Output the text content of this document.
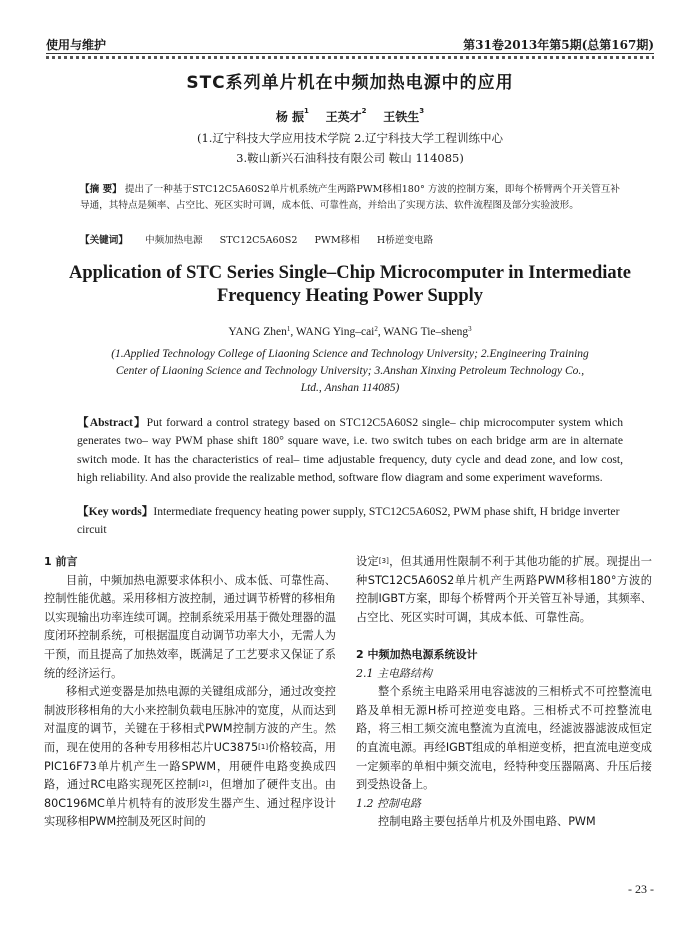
使用与维护	第31卷2013年第5期(总第167期)
STC系列单片机在中频加热电源中的应用
杨 振$^1$ 王英才$^2$ 王铁生$^3$
(1.辽宁科技大学应用技术学院 2.辽宁科技大学工程训练中心
3.鞍山新兴石油科技有限公司 鞍山 114085)
【摘 要】 提出了一种基于STC12C5A60S2单片机系统产生两路PWM移相180° 方波的控制方案，即每个桥臂两个开关管互补导通，其特点是频率、占空比、死区实时可调，成本低、可靠性高，并给出了实现方法、软件流程图及部分实验波形。
【关键词】 中频加热电源 STC12C5A60S2 PWM移相 H桥逆变电路
Application of STC Series Single–Chip Microcomputer in Intermediate
Frequency Heating Power Supply
YANG Zhen$^1$, WANG Ying–cai$^2$, WANG Tie–sheng$^3$
(1.Applied Technology College of Liaoning Science and Technology University; 2.Engineering Training
Center of Liaoning Science and Technology University; 3.Anshan Xinxing Petroleum Technology Co.,
Ltd., Anshan 114085)
【Abstract】Put forward a control strategy based on STC12C5A60S2 single– chip microcomputer system which generates two– way PWM phase shift 180° square wave, i.e. two switch tubes on each bridge arm are in alternate switch mode. It has the characteristics of real– time adjustable frequency, duty cycle and dead zone, and low cost, high reliability. And also provide the realizable method, software flow diagram and some experiment waveforms.
【Key words】Intermediate frequency heating power supply, STC12C5A60S2, PWM phase shift, H bridge inverter circuit
1 前言

目前，中频加热电源要求体积小、成本低、可靠性高、控制性能优越。采用移相方波控制，通过调节桥臂的移相角以实现输出功率连续可调。控制系统采用基于微处理器的温度闭环控制系统，可根据温度自动调节功率大小，无需人为干预，而且提高了加热效率，既满足了工艺要求又保证了系统的经济运行。

移相式逆变器是加热电源的关键组成部分，通过改变控制波形移相角的大小来控制负载电压脉冲的宽度，从而达到对温度的调节，关键在于移相式PWM控制方波的产生。然而，现在使用的各种专用移相芯片UC3875[1]价格较高，用PIC16F73单片机产生一路SPWM，用硬件电路变换成四路，通过RC电路实现死区控制[2]，但增加了硬件支出。由80C196MC单片机特有的波形发生器产生、通过程序设计实现移相PWM控制及死区时间的

设定[3]，但其通用性限制不利于其他功能的扩展。现提出一种STC12C5A60S2单片机产生两路PWM移相180°方波的控制IGBT方案，即每个桥臂两个开关管互补导通，其频率、占空比、死区实时可调，其成本低、可靠性高。

2 中频加热电源系统设计
2.1 主电路结构

整个系统主电路采用电容滤波的三相桥式不可控整流电路及单相无源H桥可控逆变电路。三相桥式不可控整流电路，将三相工频交流电整流为直流电，经滤波器滤波成恒定的直流电源。再经IGBT组成的单相逆变桥，把直流电逆变成一定频率的单相中频交流电，经特种变压器隔离、升压后接到受热设备上。

1.2 控制电路

控制电路主要包括单片机及外围电路、PWM

- 23 -
